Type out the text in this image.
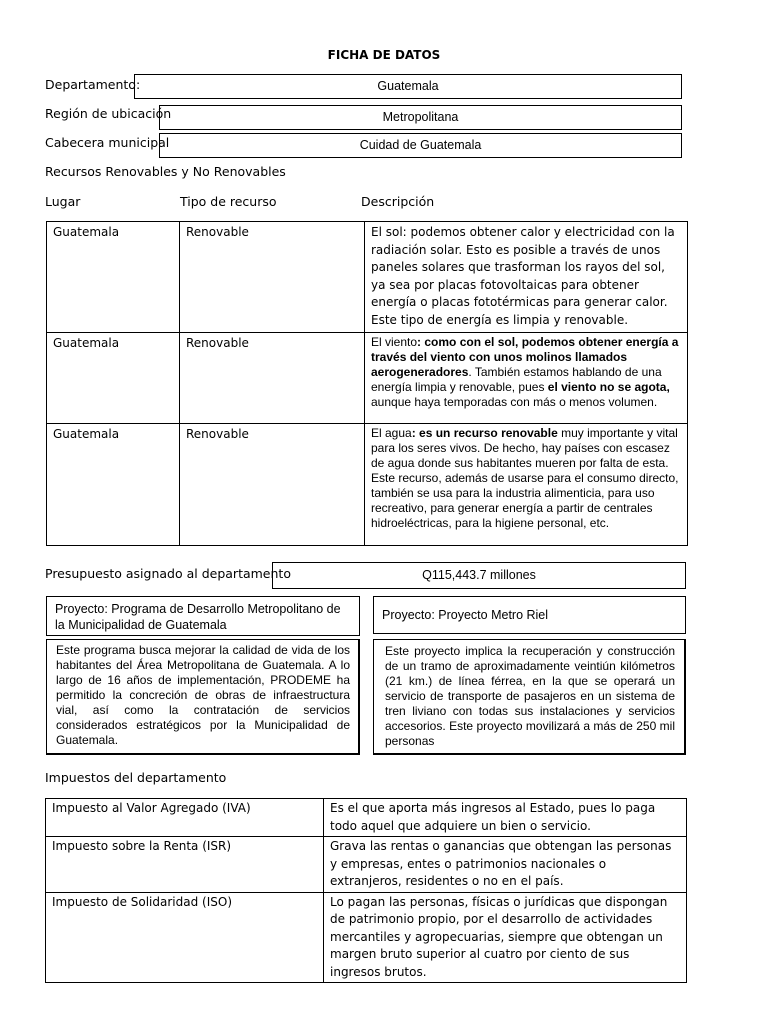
FICHA DE DATOS
Departamento:	Guatemala
Región de ubicación	Metropolitana
Cabecera municipal	Cuidad de Guatemala
Recursos Renovables y No Renovables
Lugar	Tipo de recurso	Descripción
Guatemala	Renovable	El sol: podemos obtener calor y electricidad con la radiación solar. Esto es posible a través de unos paneles solares que trasforman los rayos del sol, ya sea por placas fotovoltaicas para obtener energía o placas fototérmicas para generar calor. Este tipo de energía es limpia y renovable.
Guatemala	Renovable	El viento: como con el sol, podemos obtener energía a través del viento con unos molinos llamados aerogeneradores. También estamos hablando de una energía limpia y renovable, pues el viento no se agota, aunque haya temporadas con más o menos volumen.
Guatemala	Renovable	El agua: es un recurso renovable muy importante y vital para los seres vivos. De hecho, hay países con escasez de agua donde sus habitantes mueren por falta de esta. Este recurso, además de usarse para el consumo directo, también se usa para la industria alimenticia, para uso recreativo, para generar energía a partir de centrales hidroeléctricas, para la higiene personal, etc.
Presupuesto asignado al departamento	Q115,443.7 millones
Proyecto: Programa de Desarrollo Metropolitano de la Municipalidad de Guatemala
Este programa busca mejorar la calidad de vida de los habitantes del Área Metropolitana de Guatemala. A lo largo de 16 años de implementación, PRODEME ha permitido la concreción de obras de infraestructura vial, así como la contratación de servicios considerados estratégicos por la Municipalidad de Guatemala.
Proyecto: Proyecto Metro Riel
Este proyecto implica la recuperación y construcción de un tramo de aproximadamente veintiún kilómetros (21 km.) de línea férrea, en la que se operará un servicio de transporte de pasajeros en un sistema de tren liviano con todas sus instalaciones y servicios accesorios. Este proyecto movilizará a más de 250 mil personas
Impuestos del departamento
Impuesto al Valor Agregado (IVA)	Es el que aporta más ingresos al Estado, pues lo paga todo aquel que adquiere un bien o servicio.
Impuesto sobre la Renta (ISR)	Grava las rentas o ganancias que obtengan las personas y empresas, entes o patrimonios nacionales o extranjeros, residentes o no en el país.
Impuesto de Solidaridad (ISO)	Lo pagan las personas, físicas o jurídicas que dispongan de patrimonio propio, por el desarrollo de actividades mercantiles y agropecuarias, siempre que obtengan un margen bruto superior al cuatro por ciento de sus ingresos brutos.
